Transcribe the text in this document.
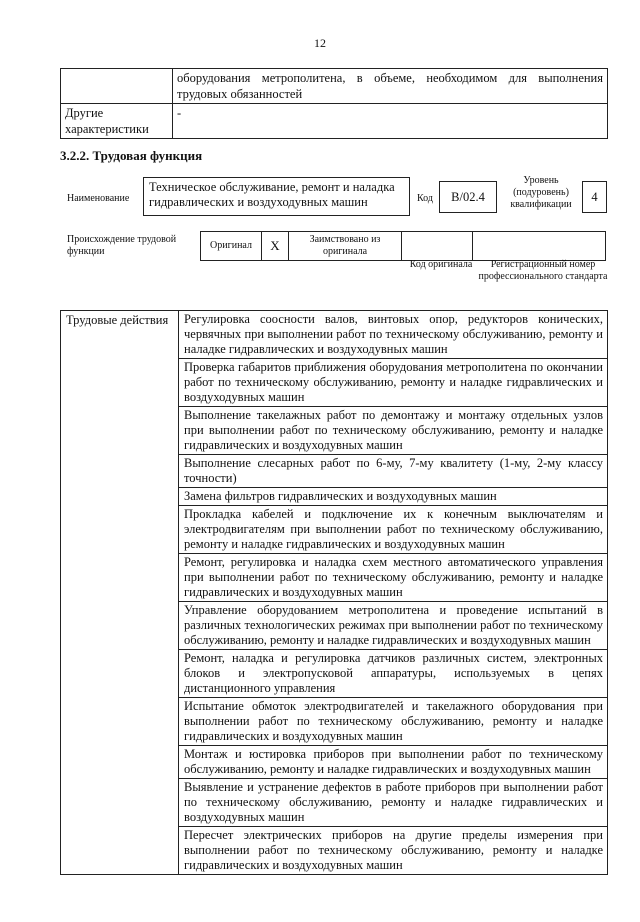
12
	оборудования метрополитена, в объеме, необходимом для выполнения трудовых обязанностей
Другие характеристики	-
3.2.2. Трудовая функция
Наименование
Техническое обслуживание, ремонт и наладка гидравлических и воздуходувных машин	Код	B/02.4
Уровень (подуровень) квалификации
4
Происхождение трудовой функции
Оригинал	X	Заимствовано из оригинала		
Код оригинала	Регистрационный номер профессионального стандарта
Трудовые действия	Регулировка соосности валов, винтовых опор, редукторов конических, червячных при выполнении работ по техническому обслуживанию, ремонту и наладке гидравлических и воздуходувных машин
Проверка габаритов приближения оборудования метрополитена по окончании работ по техническому обслуживанию, ремонту и наладке гидравлических и воздуходувных машин
Выполнение такелажных работ по демонтажу и монтажу отдельных узлов при выполнении работ по техническому обслуживанию, ремонту и наладке гидравлических и воздуходувных машин
Выполнение слесарных работ по 6-му, 7-му квалитету (1-му, 2-му классу точности)
Замена фильтров гидравлических и воздуходувных машин
Прокладка кабелей и подключение их к конечным выключателям и электродвигателям при выполнении работ по техническому обслуживанию, ремонту и наладке гидравлических и воздуходувных машин
Ремонт, регулировка и наладка схем местного автоматического управления при выполнении работ по техническому обслуживанию, ремонту и наладке гидравлических и воздуходувных машин
Управление оборудованием метрополитена и проведение испытаний в различных технологических режимах при выполнении работ по техническому обслуживанию, ремонту и наладке гидравлических и воздуходувных машин
Ремонт, наладка и регулировка датчиков различных систем, электронных блоков и электропусковой аппаратуры, используемых в цепях дистанционного управления
Испытание обмоток электродвигателей и такелажного оборудования при выполнении работ по техническому обслуживанию, ремонту и наладке гидравлических и воздуходувных машин
Монтаж и юстировка приборов при выполнении работ по техническому обслуживанию, ремонту и наладке гидравлических и воздуходувных машин
Выявление и устранение дефектов в работе приборов при выполнении работ по техническому обслуживанию, ремонту и наладке гидравлических и воздуходувных машин
Пересчет электрических приборов на другие пределы измерения при выполнении работ по техническому обслуживанию, ремонту и наладке гидравлических и воздуходувных машин
